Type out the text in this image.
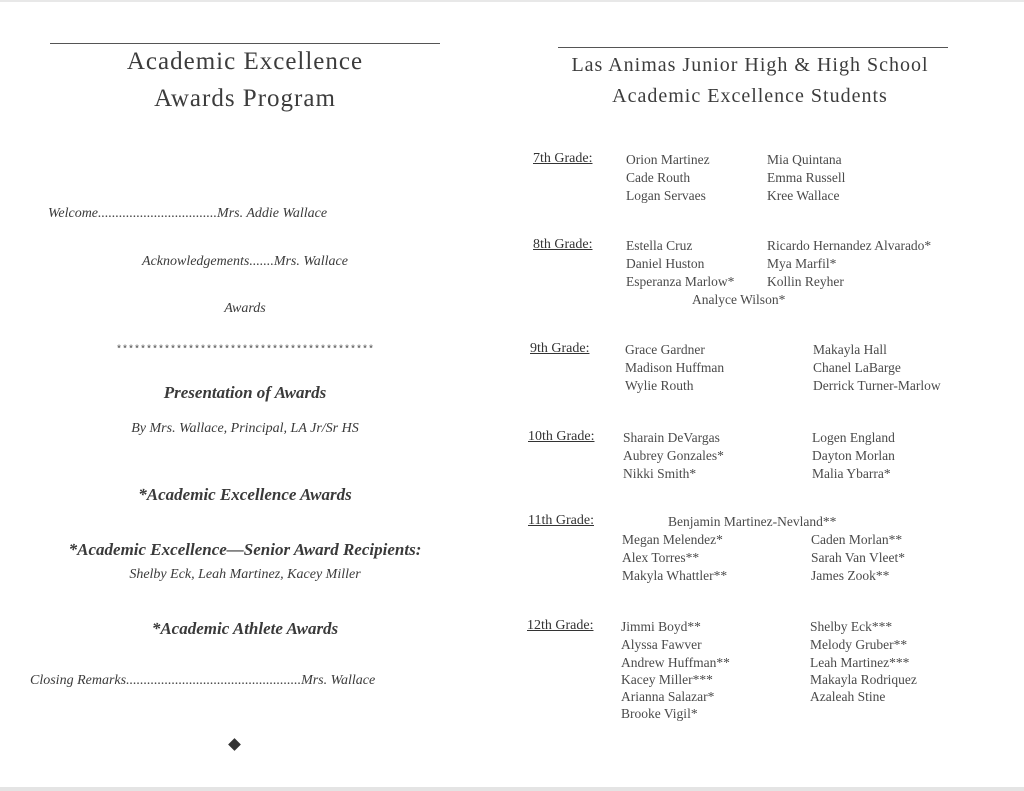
Academic Excellence
Awards Program
Welcome..................................Mrs. Addie Wallace
Acknowledgements.......Mrs. Wallace
Awards
*******************************************
Presentation of Awards
By Mrs. Wallace, Principal, LA Jr/Sr HS
*Academic Excellence Awards
*Academic Excellence—Senior Award Recipients:
Shelby Eck, Leah Martinez, Kacey Miller
*Academic Athlete Awards
Closing Remarks..................................................Mrs. Wallace
Las Animas Junior High & High School
Academic Excellence Students
7th Grade: Orion Martinez
Cade Routh
Logan Servaes
Mia Quintana
Emma Russell
Kree Wallace
8th Grade: Estella Cruz
Daniel Huston
Esperanza Marlow*
Ricardo Hernandez Alvarado*
Mya Marfil*
Kollin Reyher
Analyce Wilson*
9th Grade:	Grace Gardner
Madison Huffman
Wylie Routh
Makayla Hall
Chanel LaBarge
Derrick Turner-Marlow
10th Grade: Sharain DeVargas
Aubrey Gonzales*
Nikki Smith*
Logen England
Dayton Morlan
Malia Ybarra*
11th Grade:	Benjamin Martinez-Nevland**
Megan Melendez*
Alex Torres**
Makyla Whattler**
Caden Morlan**
Sarah Van Vleet*
James Zook**
12th Grade: Jimmi Boyd**
Alyssa Fawver
Andrew Huffman**
Kacey Miller***
Arianna Salazar*
Brooke Vigil*
Shelby Eck***
Melody Gruber**
Leah Martinez***
Makayla Rodriquez
Azaleah Stine
